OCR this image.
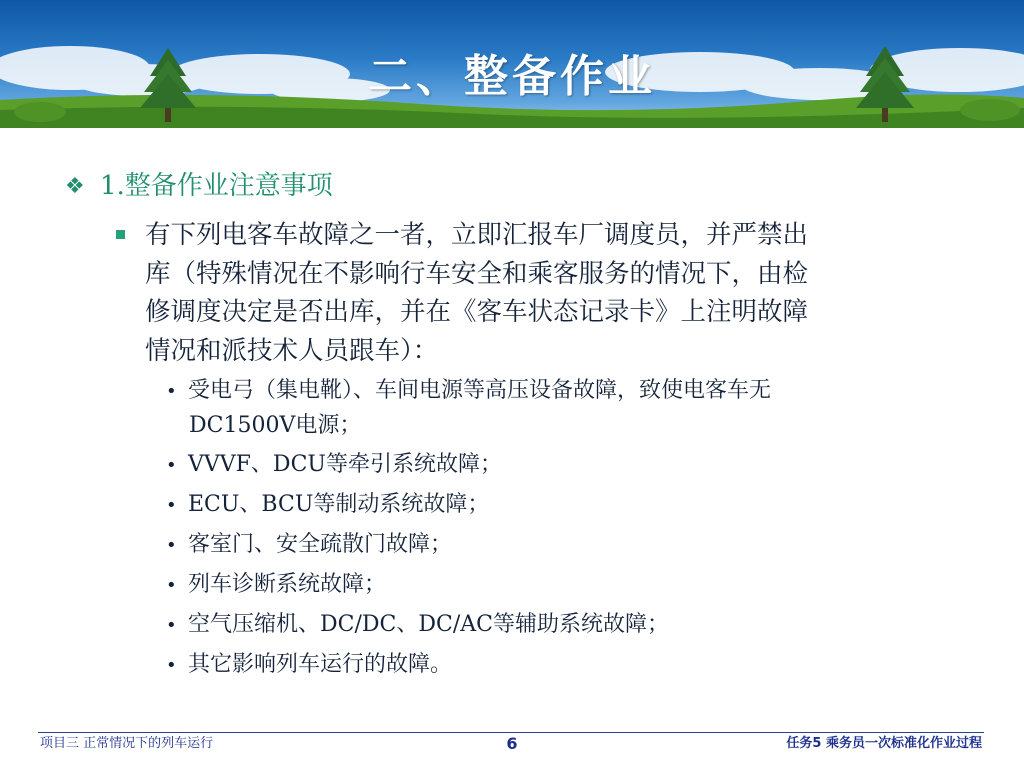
二、整备作业
❖ 1.整备作业注意事项
有下列电客车故障之一者，立即汇报车厂调度员，并严禁出
库（特殊情况在不影响行车安全和乘客服务的情况下，由检
修调度决定是否出库，并在《客车状态记录卡》上注明故障
情况和派技术人员跟车）：
• 受电弓（集电靴）、车间电源等高压设备故障，致使电客车无
DC1500V电源；
• VVVF、DCU等牵引系统故障；
• ECU、BCU等制动系统故障；
• 客室门、安全疏散门故障；
• 列车诊断系统故障；
• 空气压缩机、DC/DC、DC/AC等辅助系统故障；
• 其它影响列车运行的故障。
项目三 正常情况下的列车运行	6	任务5 乘务员一次标准化作业过程
